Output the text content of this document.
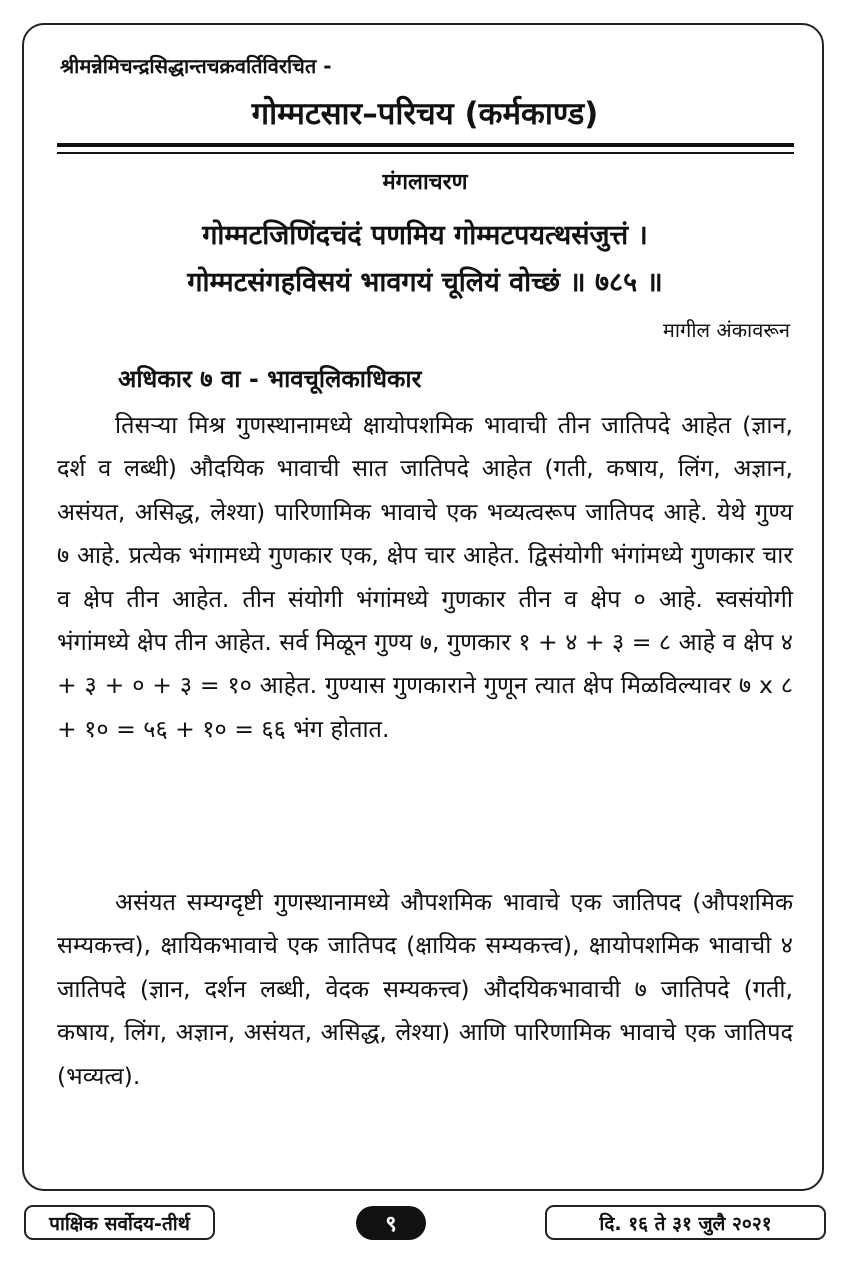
श्रीमन्नेमिचन्द्रसिद्धान्तचक्रवर्तिविरचित -
गोम्मटसार–परिचय (कर्मकाण्ड)
मंगलाचरण
गोम्मटजिणिंदचंदं पणमिय गोम्मटपयत्थसंजुत्तं ।
गोम्मटसंगहविसयं भावगयं चूलियं वोच्छं ॥ ७८५ ॥
मागील अंकावरून
अधिकार ७ वा - भावचूलिकाधिकार

तिसऱ्या मिश्र गुणस्थानामध्ये क्षायोपशमिक भावाची तीन जातिपदे आहेत (ज्ञान, दर्श व लब्धी) औदयिक भावाची सात जातिपदे आहेत (गती, कषाय, लिंग, अज्ञान, असंयत, असिद्ध, लेश्या) पारिणामिक भावाचे एक भव्यत्वरूप जातिपद आहे. येथे गुण्य ७ आहे. प्रत्येक भंगामध्ये गुणकार एक, क्षेप चार आहेत. द्विसंयोगी भंगांमध्ये गुणकार चार व क्षेप तीन आहेत. तीन संयोगी भंगांमध्ये गुणकार तीन व क्षेप ० आहे. स्वसंयोगी भंगांमध्ये क्षेप तीन आहेत. सर्व मिळून गुण्य ७, गुणकार १ + ४ + ३ = ८ आहे व क्षेप ४ + ३ + ० + ३ = १० आहेत. गुण्यास गुणकाराने गुणून त्यात क्षेप मिळविल्यावर ७ x ८ + १० = ५६ + १० = ६६ भंग होतात.

असंयत सम्यग्दृष्टी गुणस्थानामध्ये औपशमिक भावाचे एक जातिपद (औपशमिक सम्यकत्त्व), क्षायिकभावाचे एक जातिपद (क्षायिक सम्यकत्त्व), क्षायोपशमिक भावाची ४ जातिपदे (ज्ञान, दर्शन लब्धी, वेदक सम्यकत्त्व) औदयिकभावाची ७ जातिपदे (गती, कषाय, लिंग, अज्ञान, असंयत, असिद्ध, लेश्या) आणि पारिणामिक भावाचे एक जातिपद (भव्यत्व).

पाक्षिक सर्वोदय-तीर्थ	९	दि. १६ ते ३१ जुलै २०२१
